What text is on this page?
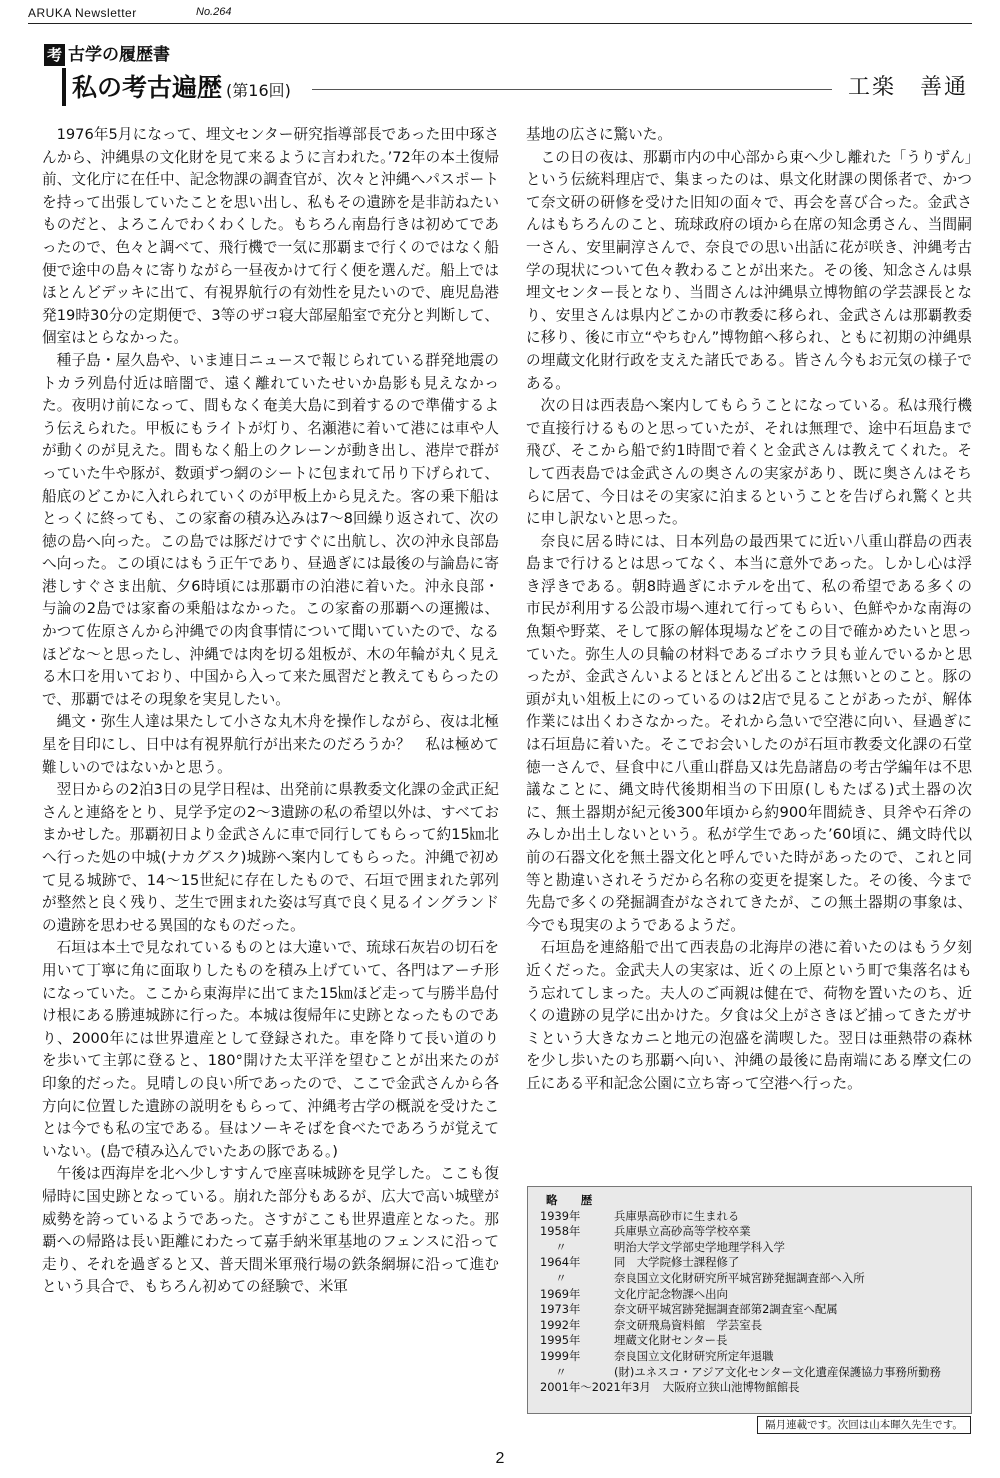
ARUKA Newsletter	No.264
考 古学の履歴書
私の考古遍歴 (第16回)	工楽　善通

1976年5月になって、埋文センター研究指導部長であった田中琢さんから、沖縄県の文化財を見て来るように言われた。’72年の本土復帰前、文化庁に在任中、記念物課の調査官が、次々と沖縄へパスポートを持って出張していたことを思い出し、私もその遺跡を是非訪ねたいものだと、よろこんでわくわくした。もちろん南島行きは初めてであったので、色々と調べて、飛行機で一気に那覇まで行くのではなく船便で途中の島々に寄りながら一昼夜かけて行く便を選んだ。船上ではほとんどデッキに出て、有視界航行の有効性を見たいので、鹿児島港発19時30分の定期便で、3等のザコ寝大部屋船室で充分と判断して、個室はとらなかった。

種子島・屋久島や、いま連日ニュースで報じられている群発地震のトカラ列島付近は暗闇で、遠く離れていたせいか島影も見えなかった。夜明け前になって、間もなく奄美大島に到着するので準備するよう伝えられた。甲板にもライトが灯り、名瀬港に着いて港には車や人が動くのが見えた。間もなく船上のクレーンが動き出し、港岸で群がっていた牛や豚が、数頭ずつ網のシートに包まれて吊り下げられて、船底のどこかに入れられていくのが甲板上から見えた。客の乗下船はとっくに終っても、この家畜の積み込みは7～8回繰り返されて、次の徳の島へ向った。この島では豚だけですぐに出航し、次の沖永良部島へ向った。この頃にはもう正午であり、昼過ぎには最後の与論島に寄港しすぐさま出航、夕6時頃には那覇市の泊港に着いた。沖永良部・与論の2島では家畜の乗船はなかった。この家畜の那覇への運搬は、かつて佐原さんから沖縄での肉食事情について聞いていたので、なるほどな～と思ったし、沖縄では肉を切る俎板が、木の年輪が丸く見える木口を用いており、中国から入って来た風習だと教えてもらったので、那覇ではその現象を実見したい。

縄文・弥生人達は果たして小さな丸木舟を操作しながら、夜は北極星を目印にし、日中は有視界航行が出来たのだろうか？　私は極めて難しいのではないかと思う。

翌日からの2泊3日の見学日程は、出発前に県教委文化課の金武正紀さんと連絡をとり、見学予定の2～3遺跡の私の希望以外は、すべておまかせした。那覇初日より金武さんに車で同行してもらって約15㎞北へ行った処の中城(ナカグスク)城跡へ案内してもらった。沖縄で初めて見る城跡で、14～15世紀に存在したもので、石垣で囲まれた郭列が整然と良く残り、芝生で囲まれた姿は写真で良く見るイングランドの遺跡を思わせる異国的なものだった。

石垣は本土で見なれているものとは大違いで、琉球石灰岩の切石を用いて丁寧に角に面取りしたものを積み上げていて、各門はアーチ形になっていた。ここから東海岸に出てまた15㎞ほど走って与勝半島付け根にある勝連城跡に行った。本城は復帰年に史跡となったものであり、2000年には世界遺産として登録された。車を降りて長い道のりを歩いて主郭に登ると、180°開けた太平洋を望むことが出来たのが印象的だった。見晴しの良い所であったので、ここで金武さんから各方向に位置した遺跡の説明をもらって、沖縄考古学の概説を受けたことは今でも私の宝である。昼はソーキそばを食べたであろうが覚えていない。(島で積み込んでいたあの豚である。)

午後は西海岸を北へ少しすすんで座喜味城跡を見学した。ここも復帰時に国史跡となっている。崩れた部分もあるが、広大で高い城壁が威勢を誇っているようであった。さすがここも世界遺産となった。那覇への帰路は長い距離にわたって嘉手納米軍基地のフェンスに沿って走り、それを過ぎると又、普天間米軍飛行場の鉄条網塀に沿って進むという具合で、もちろん初めての経験で、米軍

基地の広さに驚いた。

この日の夜は、那覇市内の中心部から東へ少し離れた「うりずん」という伝統料理店で、集まったのは、県文化財課の関係者で、かつて奈文研の研修を受けた旧知の面々で、再会を喜び合った。金武さんはもちろんのこと、琉球政府の頃から在席の知念勇さん、当間嗣一さん、安里嗣淳さんで、奈良での思い出話に花が咲き、沖縄考古学の現状について色々教わることが出来た。その後、知念さんは県埋文センター長となり、当間さんは沖縄県立博物館の学芸課長となり、安里さんは県内どこかの市教委に移られ、金武さんは那覇教委に移り、後に市立“やちむん”博物館へ移られ、ともに初期の沖縄県の埋蔵文化財行政を支えた諸氏である。皆さん今もお元気の様子である。

次の日は西表島へ案内してもらうことになっている。私は飛行機で直接行けるものと思っていたが、それは無理で、途中石垣島まで飛び、そこから船で約1時間で着くと金武さんは教えてくれた。そして西表島では金武さんの奥さんの実家があり、既に奥さんはそちらに居て、今日はその実家に泊まるということを告げられ驚くと共に申し訳ないと思った。

奈良に居る時には、日本列島の最西果てに近い八重山群島の西表島まで行けるとは思ってなく、本当に意外であった。しかし心は浮き浮きである。朝8時過ぎにホテルを出て、私の希望である多くの市民が利用する公設市場へ連れて行ってもらい、色鮮やかな南海の魚類や野菜、そして豚の解体現場などをこの目で確かめたいと思っていた。弥生人の貝輪の材料であるゴホウラ貝も並んでいるかと思ったが、金武さんいよるとほとんど出ることは無いとのこと。豚の頭が丸い俎板上にのっているのは2店で見ることがあったが、解体作業には出くわさなかった。それから急いで空港に向い、昼過ぎには石垣島に着いた。そこでお会いしたのが石垣市教委文化課の石堂徳一さんで、昼食中に八重山群島又は先島諸島の考古学編年は不思議なことに、縄文時代後期相当の下田原(しもたばる)式土器の次に、無土器期が紀元後300年頃から約900年間続き、貝斧や石斧のみしか出土しないという。私が学生であった’60頃に、縄文時代以前の石器文化を無土器文化と呼んでいた時があったので、これと同等と勘違いされそうだから名称の変更を提案した。その後、今まで先島で多くの発掘調査がなされてきたが、この無土器期の事象は、今でも現実のようであるようだ。

石垣島を連絡船で出て西表島の北海岸の港に着いたのはもう夕刻近くだった。金武夫人の実家は、近くの上原という町で集落名はもう忘れてしまった。夫人のご両親は健在で、荷物を置いたのち、近くの遺跡の見学に出かけた。夕食は父上がさきほど捕ってきたガサミという大きなカニと地元の泡盛を満喫した。翌日は亜熱帯の森林を少し歩いたのち那覇へ向い、沖縄の最後に島南端にある摩文仁の丘にある平和記念公園に立ち寄って空港へ行った。

略　歴
1939年	兵庫県高砂市に生まれる
1958年	兵庫県立高砂高等学校卒業
〃	明治大学文学部史学地理学科入学
1964年	同　大学院修士課程修了
〃	奈良国立文化財研究所平城宮跡発掘調査部へ入所
1969年	文化庁記念物課へ出向
1973年	奈文研平城宮跡発掘調査部第2調査室へ配属
1992年	奈文研飛鳥資料館　学芸室長
1995年	埋蔵文化財センター長
1999年	奈良国立文化財研究所定年退職
〃	(財)ユネスコ・アジア文化センター文化遺産保護協力事務所勤務
2001年～2021年3月 大阪府立狭山池博物館館長
隔月連載です。次回は山本暉久先生です。
2
